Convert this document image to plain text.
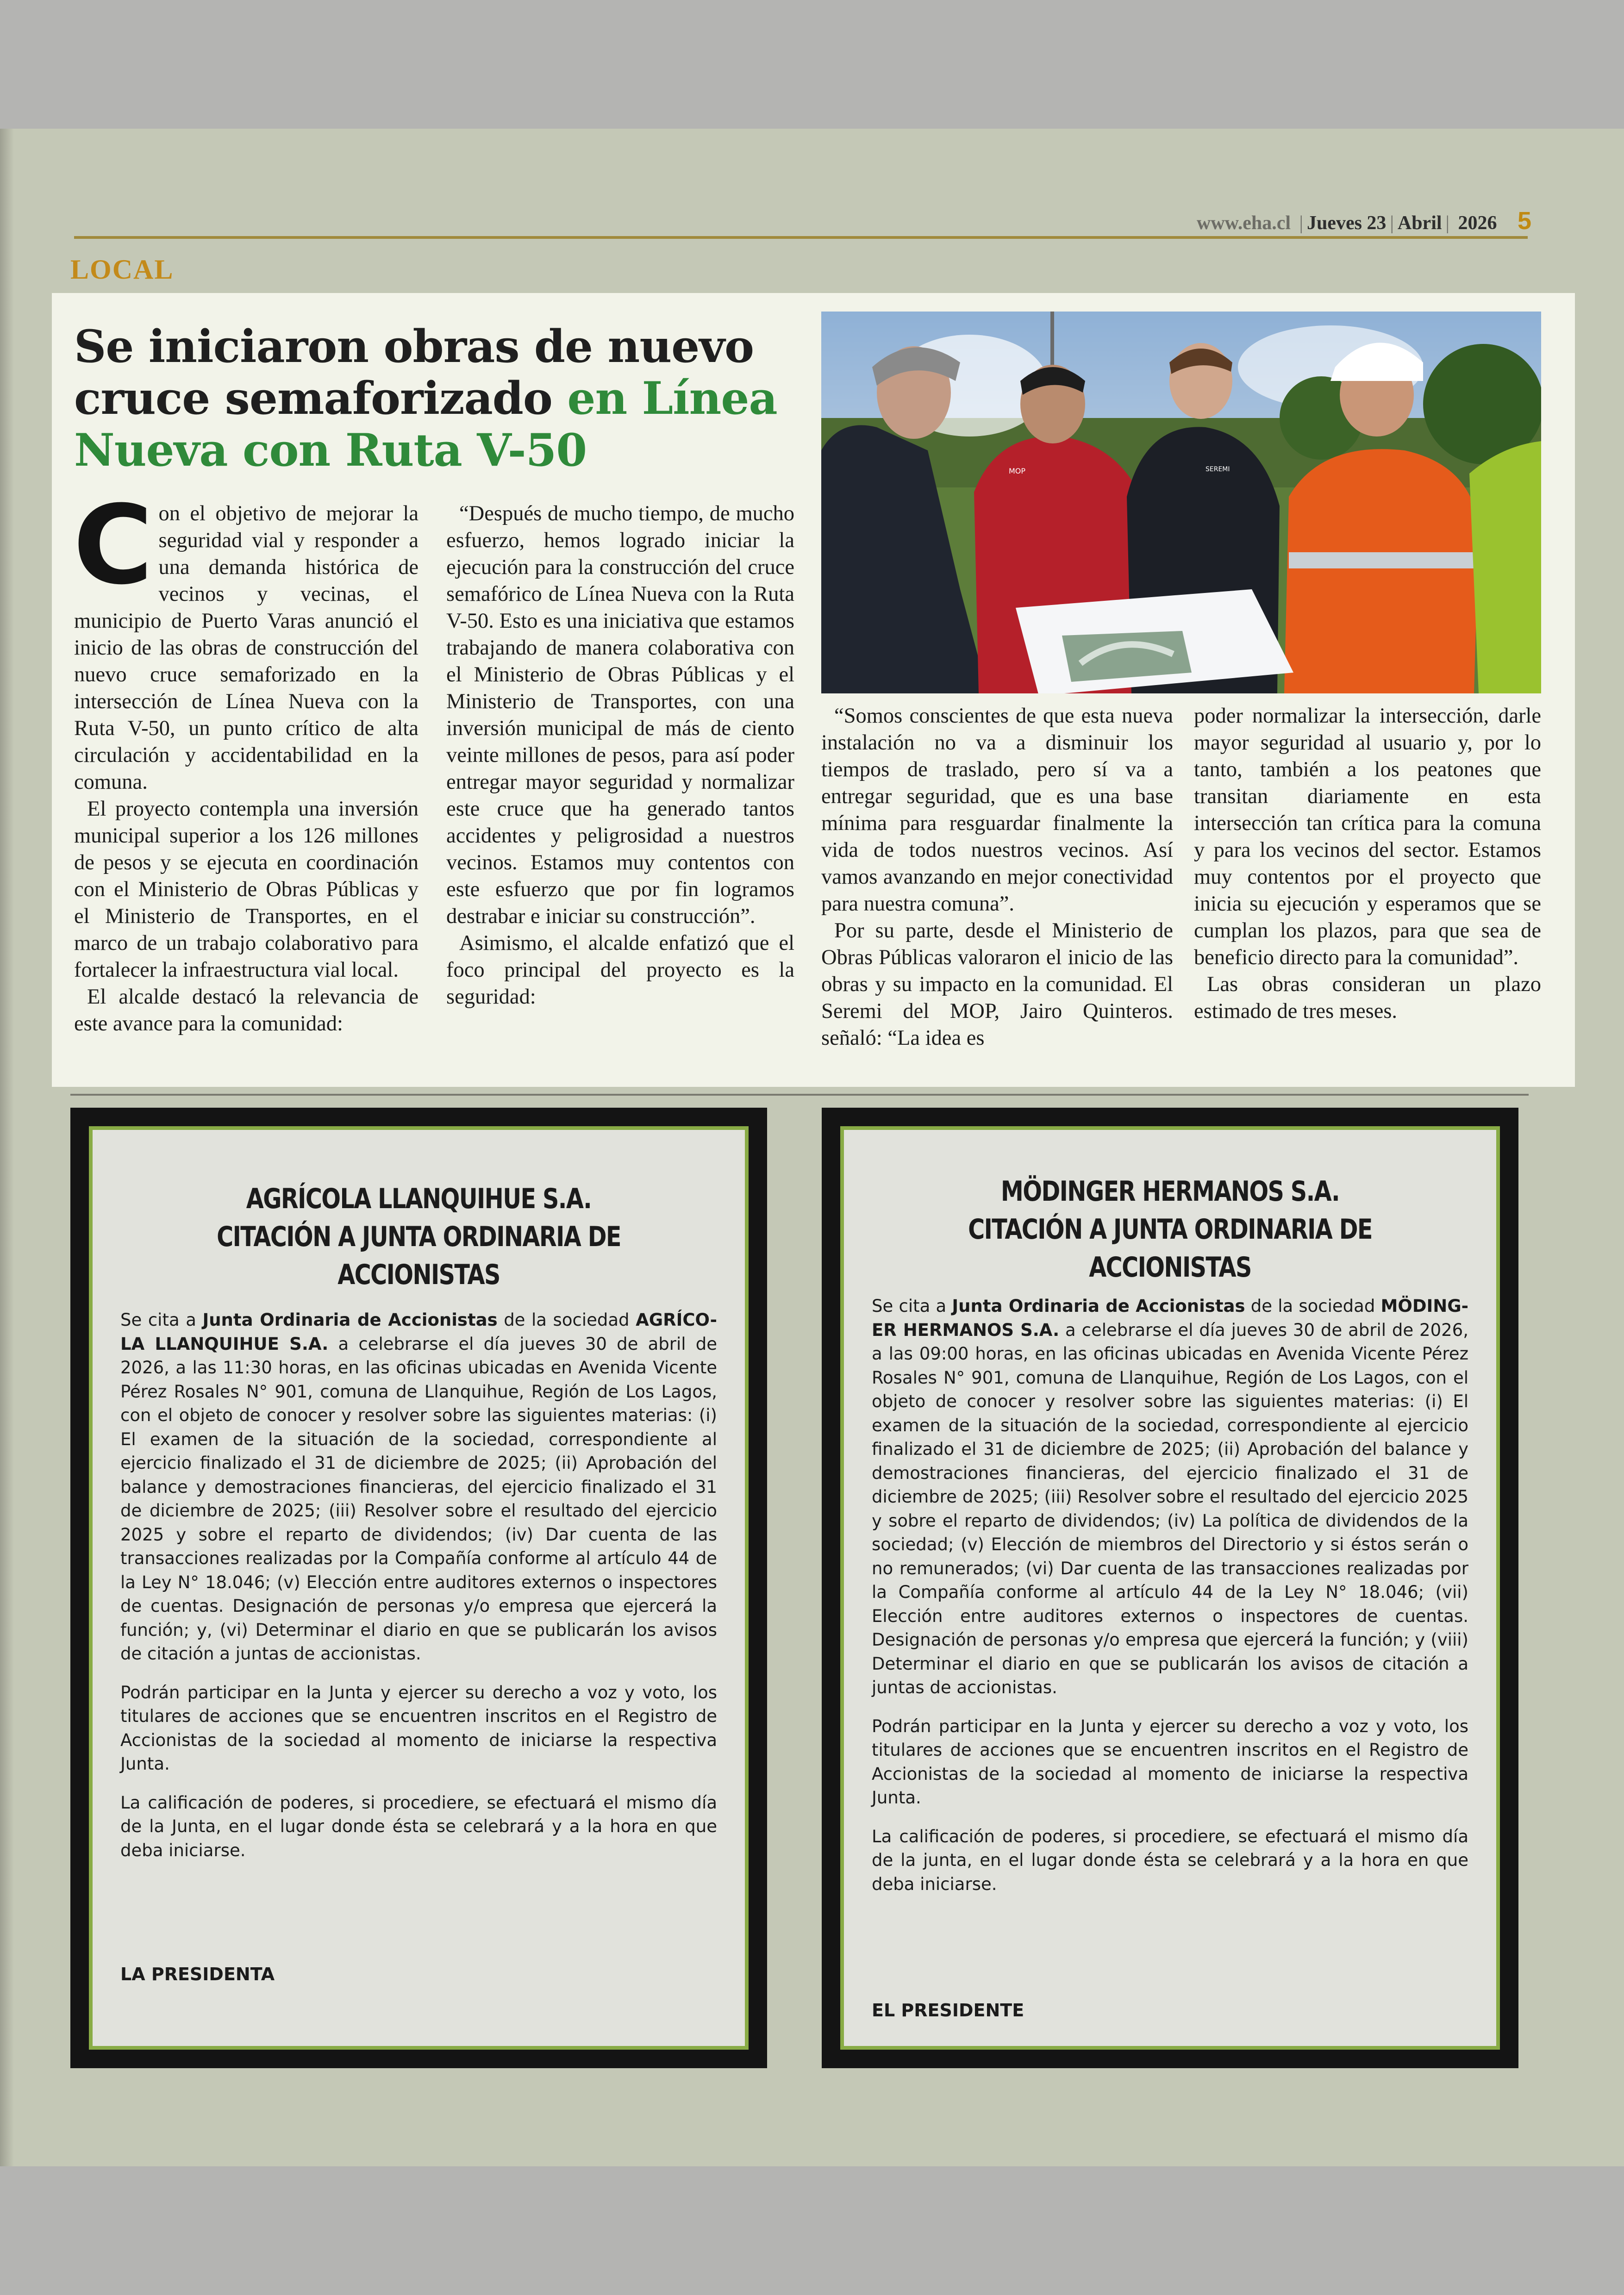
www.eha.cl | Jueves 23 | Abril | 2026 5
LOCAL
Se iniciaron obras de nuevo cruce semaforizado en Línea Nueva con Ruta V-50

Con el objetivo de mejorar la seguridad vial y responder a una demanda histórica de vecinos y vecinas, el municipio de Puerto Varas anunció el inicio de las obras de construcción del nuevo cruce semaforizado en la intersección de Línea Nueva con la Ruta V-50, un punto crítico de alta circulación y accidentabilidad en la comuna.

El proyecto contempla una inversión municipal superior a los 126 millones de pesos y se ejecuta en coordinación con el Ministerio de Obras Públicas y el Ministerio de Transportes, en el marco de un trabajo colaborativo para fortalecer la infraestructura vial local.

El alcalde destacó la relevancia de este avance para la comunidad:

“Después de mucho tiempo, de mucho esfuerzo, hemos logrado iniciar la ejecución para la construcción del cruce semafórico de Línea Nueva con la Ruta V-50. Esto es una iniciativa que estamos trabajando de manera colaborativa con el Ministerio de Obras Públicas y el Ministerio de Transportes, con una inversión municipal de más de ciento veinte millones de pesos, para así poder entregar mayor seguridad y normalizar este cruce que ha generado tantos accidentes y peligrosidad a nuestros vecinos. Estamos muy contentos con este esfuerzo que por fin logramos destrabar e iniciar su construcción”.

Asimismo, el alcalde enfatizó que el foco principal del proyecto es la seguridad:

MOP	SEREMI

“Somos conscientes de que esta nueva instalación no va a disminuir los tiempos de traslado, pero sí va a entregar seguridad, que es una base mínima para resguardar finalmente la vida de todos nuestros vecinos. Así vamos avanzando en mejor conectividad para nuestra comuna”.

Por su parte, desde el Ministerio de Obras Públicas valoraron el inicio de las obras y su impacto en la comunidad. El Seremi del MOP, Jairo Quinteros. señaló: “La idea es

poder normalizar la intersección, darle mayor seguridad al usuario y, por lo tanto, también a los peatones que transitan diariamente en esta intersección tan crítica para la comuna y para los vecinos del sector. Estamos muy contentos por el proyecto que inicia su ejecución y esperamos que se cumplan los plazos, para que sea de beneficio directo para la comunidad”.

Las obras consideran un plazo estimado de tres meses.

AGRÍCOLA LLANQUIHUE S.A.
CITACIÓN A JUNTA ORDINARIA DE ACCIONISTAS

Se cita a Junta Ordinaria de Accionistas de la sociedad AGRÍCO-LA LLANQUIHUE S.A. a celebrarse el día jueves 30 de abril de 2026, a las 11:30 horas, en las oficinas ubicadas en Avenida Vicente Pérez Rosales N° 901, comuna de Llanquihue, Región de Los Lagos, con el objeto de conocer y resolver sobre las siguientes materias: (i) El examen de la situación de la sociedad, correspondiente al ejercicio finalizado el 31 de diciembre de 2025; (ii) Aprobación del balance y demostraciones financieras, del ejercicio finalizado el 31 de diciembre de 2025; (iii) Resolver sobre el resultado del ejercicio 2025 y sobre el reparto de dividendos; (iv) Dar cuenta de las transacciones realizadas por la Compañía conforme al artículo 44 de la Ley N° 18.046; (v) Elección entre auditores externos o inspectores de cuentas. Designación de personas y/o empresa que ejercerá la función; y, (vi) Determinar el diario en que se publicarán los avisos de citación a juntas de accionistas.

Podrán participar en la Junta y ejercer su derecho a voz y voto, los titulares de acciones que se encuentren inscritos en el Registro de Accionistas de la sociedad al momento de iniciarse la respectiva Junta.

La calificación de poderes, si procediere, se efectuará el mismo día de la Junta, en el lugar donde ésta se celebrará y a la hora en que deba iniciarse.

LA PRESIDENTA
MÖDINGER HERMANOS S.A.
CITACIÓN A JUNTA ORDINARIA DE ACCIONISTAS

Se cita a Junta Ordinaria de Accionistas de la sociedad MÖDING-ER HERMANOS S.A. a celebrarse el día jueves 30 de abril de 2026, a las 09:00 horas, en las oficinas ubicadas en Avenida Vicente Pérez Rosales N° 901, comuna de Llanquihue, Región de Los Lagos, con el objeto de conocer y resolver sobre las siguientes materias: (i) El examen de la situación de la sociedad, correspondiente al ejercicio finalizado el 31 de diciembre de 2025; (ii) Aprobación del balance y demostraciones financieras, del ejercicio finalizado el 31 de diciembre de 2025; (iii) Resolver sobre el resultado del ejercicio 2025 y sobre el reparto de dividendos; (iv) La política de dividendos de la sociedad; (v) Elección de miembros del Directorio y si éstos serán o no remunerados; (vi) Dar cuenta de las transacciones realizadas por la Compañía conforme al artículo 44 de la Ley N° 18.046; (vii) Elección entre auditores externos o inspectores de cuentas. Designación de personas y/o empresa que ejercerá la función; y (viii) Determinar el diario en que se publicarán los avisos de citación a juntas de accionistas.

Podrán participar en la Junta y ejercer su derecho a voz y voto, los titulares de acciones que se encuentren inscritos en el Registro de Accionistas de la sociedad al momento de iniciarse la respectiva Junta.

La calificación de poderes, si procediere, se efectuará el mismo día de la junta, en el lugar donde ésta se celebrará y a la hora en que deba iniciarse.

EL PRESIDENTE
